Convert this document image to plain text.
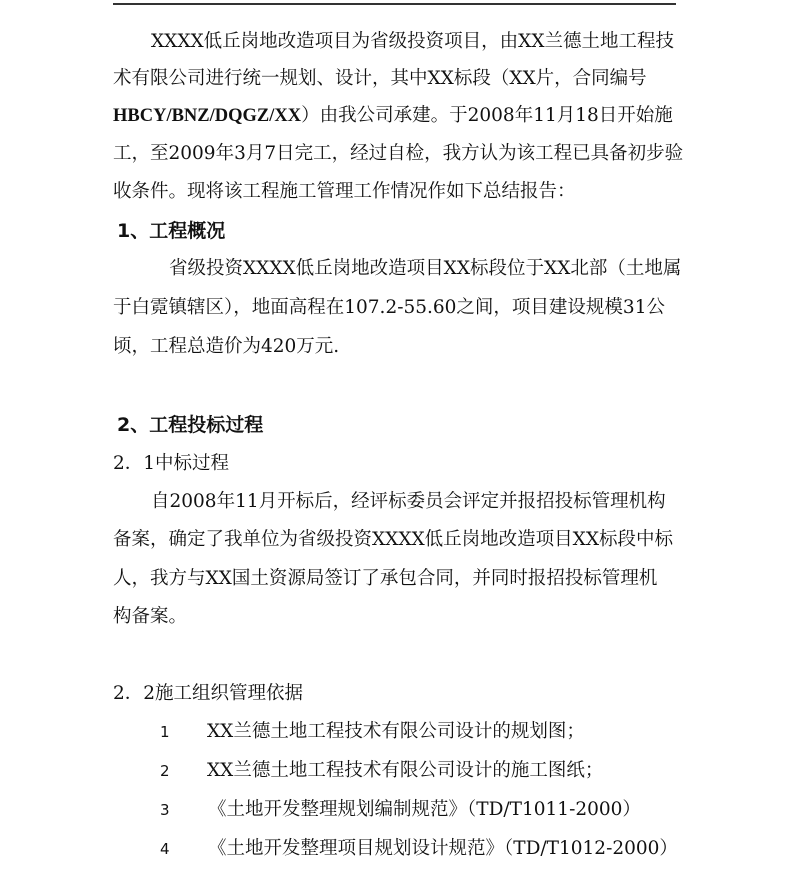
XXXX低丘岗地改造项目为省级投资项目，由XX兰德土地工程技
术有限公司进行统一规划、设计，其中XX标段（XX片，合同编号
HBCY/BNZ/DQGZ/XX）由我公司承建。于2008年11月18日开始施
工，至2009年3月7日完工，经过自检，我方认为该工程已具备初步验
收条件。现将该工程施工管理工作情况作如下总结报告：
1、工程概况
省级投资XXXX低丘岗地改造项目XX标段位于XX北部（土地属
于白霓镇辖区），地面高程在107.2-55.60之间，项目建设规模31公
顷，工程总造价为420万元.
2、工程投标过程
2．1中标过程
自2008年11月开标后，经评标委员会评定并报招投标管理机构
备案，确定了我单位为省级投资XXXX低丘岗地改造项目XX标段中标
人，我方与XX国土资源局签订了承包合同，并同时报招投标管理机
构备案。
2．2施工组织管理依据
1 XX兰德土地工程技术有限公司设计的规划图；
2 XX兰德土地工程技术有限公司设计的施工图纸；
3 《土地开发整理规划编制规范》（TD/T1011-2000）
4 《土地开发整理项目规划设计规范》（TD/T1012-2000）
